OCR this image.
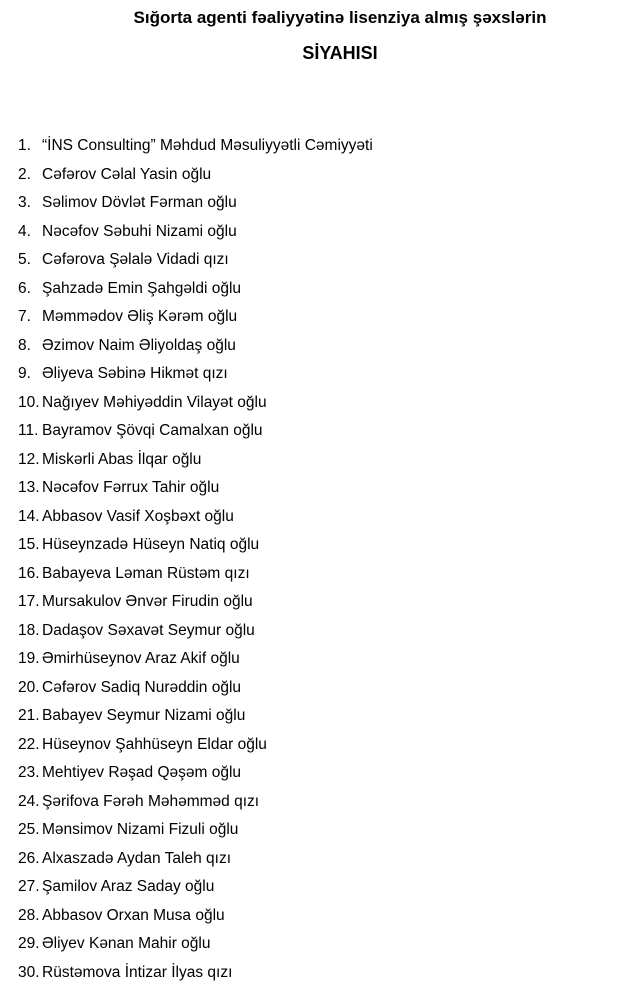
Sığorta agenti fəaliyyətinə lisenziya almış şəxslərin
SİYAHISI
1. “İNS Consulting” Məhdud Məsuliyyətli Cəmiyyəti
2. Cəfərov Cəlal Yasin oğlu
3. Səlimov Dövlət Fərman oğlu
4. Nəcəfov Səbuhi Nizami oğlu
5. Cəfərova Şəlalə Vidadi qızı
6. Şahzadə Emin Şahgəldi oğlu
7. Məmmədov Əliş Kərəm oğlu
8. Əzimov Naim Əliyoldaş oğlu
9. Əliyeva Səbinə Hikmət qızı
10. Nağıyev Məhiyəddin Vilayət oğlu
11. Bayramov Şövqi Camalxan oğlu
12. Miskərli Abas İlqar oğlu
13. Nəcəfov Fərrux Tahir oğlu
14. Abbasov Vasif Xoşbəxt oğlu
15. Hüseynzadə Hüseyn Natiq oğlu
16. Babayeva Ləman Rüstəm qızı
17. Mursakulov Ənvər Firudin oğlu
18. Dadaşov Səxavət Seymur oğlu
19. Əmirhüseynov Araz Akif oğlu
20. Cəfərov Sadiq Nurəddin oğlu
21. Babayev Seymur Nizami oğlu
22. Hüseynov Şahhüseyn Eldar oğlu
23. Mehtiyev Rəşad Qəşəm oğlu
24. Şərifova Fərəh Məhəmməd qızı
25. Mənsimov Nizami Fizuli oğlu
26. Alxaszadə Aydan Taleh qızı
27. Şamilov Araz Saday oğlu
28. Abbasov Orxan Musa oğlu
29. Əliyev Kənan Mahir oğlu
30. Rüstəmova İntizar İlyas qızı
